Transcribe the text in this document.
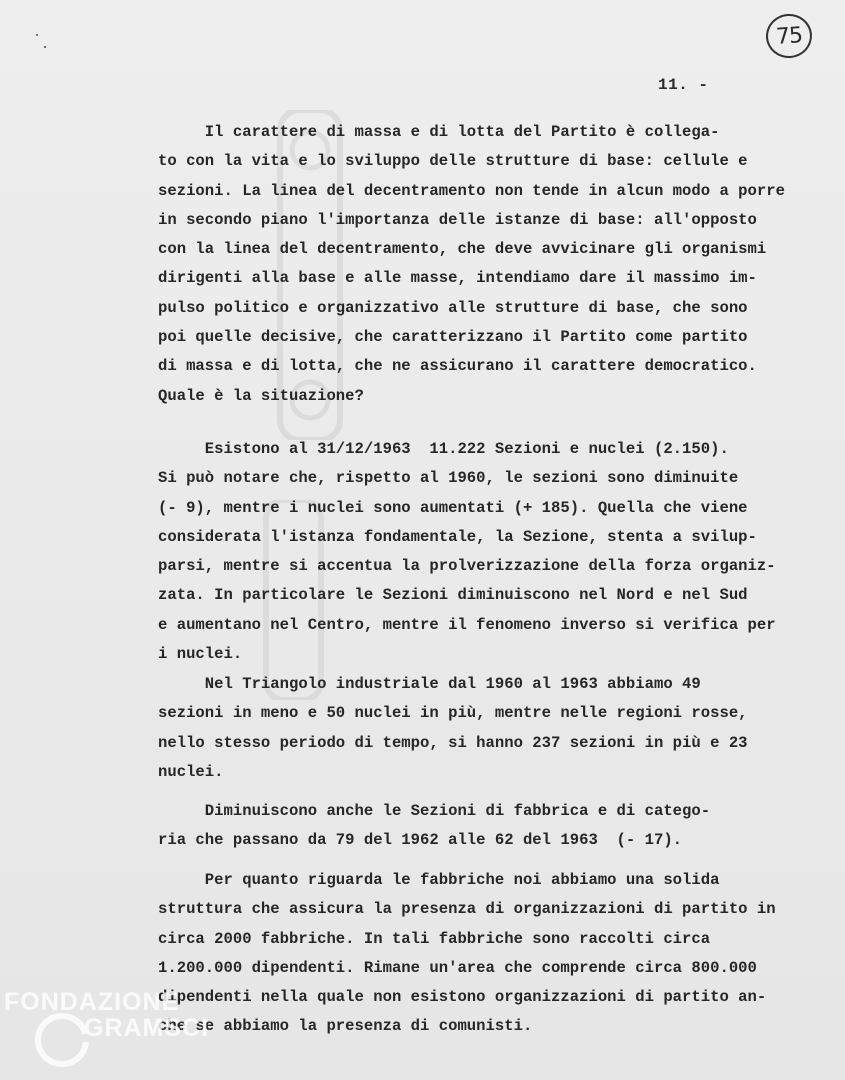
75
11. -
Il carattere di massa e di lotta del Partito è collega-
to con la vita e lo sviluppo delle strutture di base: cellule e
sezioni. La linea del decentramento non tende in alcun modo a porre
in secondo piano l'importanza delle istanze di base: all'opposto
con la linea del decentramento, che deve avvicinare gli organismi
dirigenti alla base e alle masse, intendiamo dare il massimo im-
pulso politico e organizzativo alle strutture di base, che sono
poi quelle decisive, che caratterizzano il Partito come partito
di massa e di lotta, che ne assicurano il carattere democratico.
Quale è la situazione?
Esistono al 31/12/1963  11.222 Sezioni e nuclei (2.150).
Si può notare che, rispetto al 1960, le sezioni sono diminuite
(- 9), mentre i nuclei sono aumentati (+ 185). Quella che viene
considerata l'istanza fondamentale, la Sezione, stenta a svilup-
parsi, mentre si accentua la prolverizzazione della forza organiz-
zata. In particolare le Sezioni diminuiscono nel Nord e nel Sud
e aumentano nel Centro, mentre il fenomeno inverso si verifica per
i nuclei.
Nel Triangolo industriale dal 1960 al 1963 abbiamo 49
sezioni in meno e 50 nuclei in più, mentre nelle regioni rosse,
nello stesso periodo di tempo, si hanno 237 sezioni in più e 23
nuclei.
Diminuiscono anche le Sezioni di fabbrica e di catego-
ria che passano da 79 del 1962 alle 62 del 1963  (- 17).
Per quanto riguarda le fabbriche noi abbiamo una solida
struttura che assicura la presenza di organizzazioni di partito in
circa 2000 fabbriche. In tali fabbriche sono raccolti circa
1.200.000 dipendenti. Rimane un'area che comprende circa 800.000
dipendenti nella quale non esistono organizzazioni di partito an-
che se abbiamo la presenza di comunisti.
FONDAZIONE
GRAMSCI
